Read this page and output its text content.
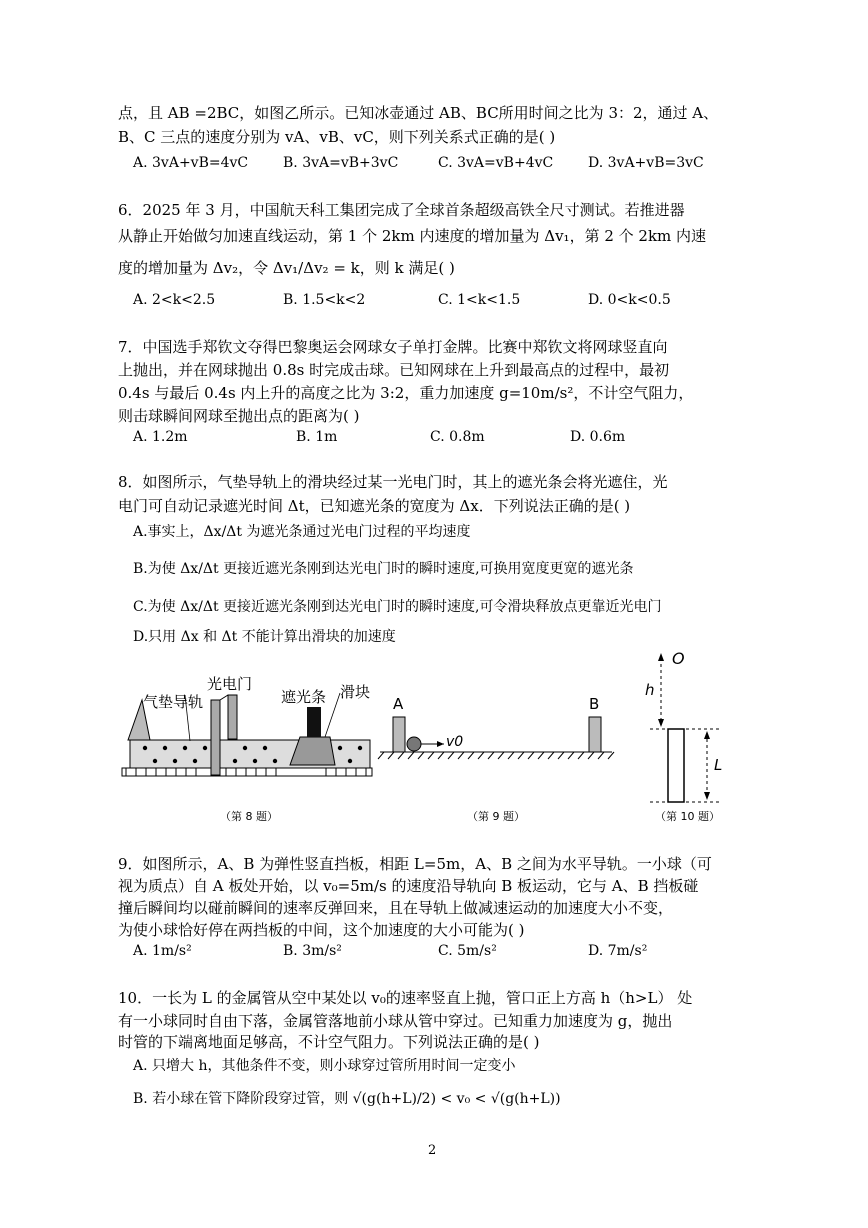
点，且 AB =2BC，如图乙所示。已知冰壶通过 AB、BC所用时间之比为 3：2，通过 A、
B、C 三点的速度分别为 vA、vB、vC，则下列关系式正确的是( )
A. 3vA+vB=4vC B. 3vA=vB+3vC	C. 3vA=vB+4vC D. 3vA+vB=3vC
6．2025 年 3 月，中国航天科工集团完成了全球首条超级高铁全尺寸测试。若推进器
从静止开始做匀加速直线运动，第 1 个 2km 内速度的增加量为 Δv₁，第 2 个 2km 内速
度的增加量为 Δv₂，令 Δv₁/Δv₂ = k，则 k 满足( )
A. 2<k<2.5	B. 1.5<k<2	C. 1<k<1.5	D. 0<k<0.5
7．中国选手郑钦文夺得巴黎奥运会网球女子单打金牌。比赛中郑钦文将网球竖直向
上抛出，并在网球抛出 0.8s 时完成击球。已知网球在上升到最高点的过程中，最初
0.4s 与最后 0.4s 内上升的高度之比为 3:2，重力加速度 g=10m/s²，不计空气阻力，
则击球瞬间网球至抛出点的距离为( )
A. 1.2m	B. 1m	C. 0.8m	D. 0.6m
8．如图所示，气垫导轨上的滑块经过某一光电门时，其上的遮光条会将光遮住，光
电门可自动记录遮光时间 Δt，已知遮光条的宽度为 Δx．下列说法正确的是( )
A.事实上，Δx/Δt 为遮光条通过光电门过程的平均速度
B.为使 Δx/Δt 更接近遮光条刚到达光电门时的瞬时速度,可换用宽度更宽的遮光条
C.为使 Δx/Δt 更接近遮光条刚到达光电门时的瞬时速度,可令滑块释放点更靠近光电门
D.只用 Δx 和 Δt 不能计算出滑块的加速度
气垫导轨
光电门
遮光条 滑块
A	B
v0
O
h
L
（第 8 题）	（第 9 题）	（第 10 题）
9．如图所示，A、B 为弹性竖直挡板，相距 L=5m，A、B 之间为水平导轨。一小球（可
视为质点）自 A 板处开始，以 v₀=5m/s 的速度沿导轨向 B 板运动，它与 A、B 挡板碰
撞后瞬间均以碰前瞬间的速率反弹回来，且在导轨上做减速运动的加速度大小不变，
为使小球恰好停在两挡板的中间，这个加速度的大小可能为( )
A. 1m/s²	B. 3m/s²	C. 5m/s²	D. 7m/s²
10．一长为 L 的金属管从空中某处以 v₀的速率竖直上抛，管口正上方高 h（h>L） 处
有一小球同时自由下落，金属管落地前小球从管中穿过。已知重力加速度为 g，抛出
时管的下端离地面足够高，不计空气阻力。下列说法正确的是( )
A. 只增大 h，其他条件不变，则小球穿过管所用时间一定变小
B. 若小球在管下降阶段穿过管，则 √(g(h+L)/2) < v₀ < √(g(h+L))
2
